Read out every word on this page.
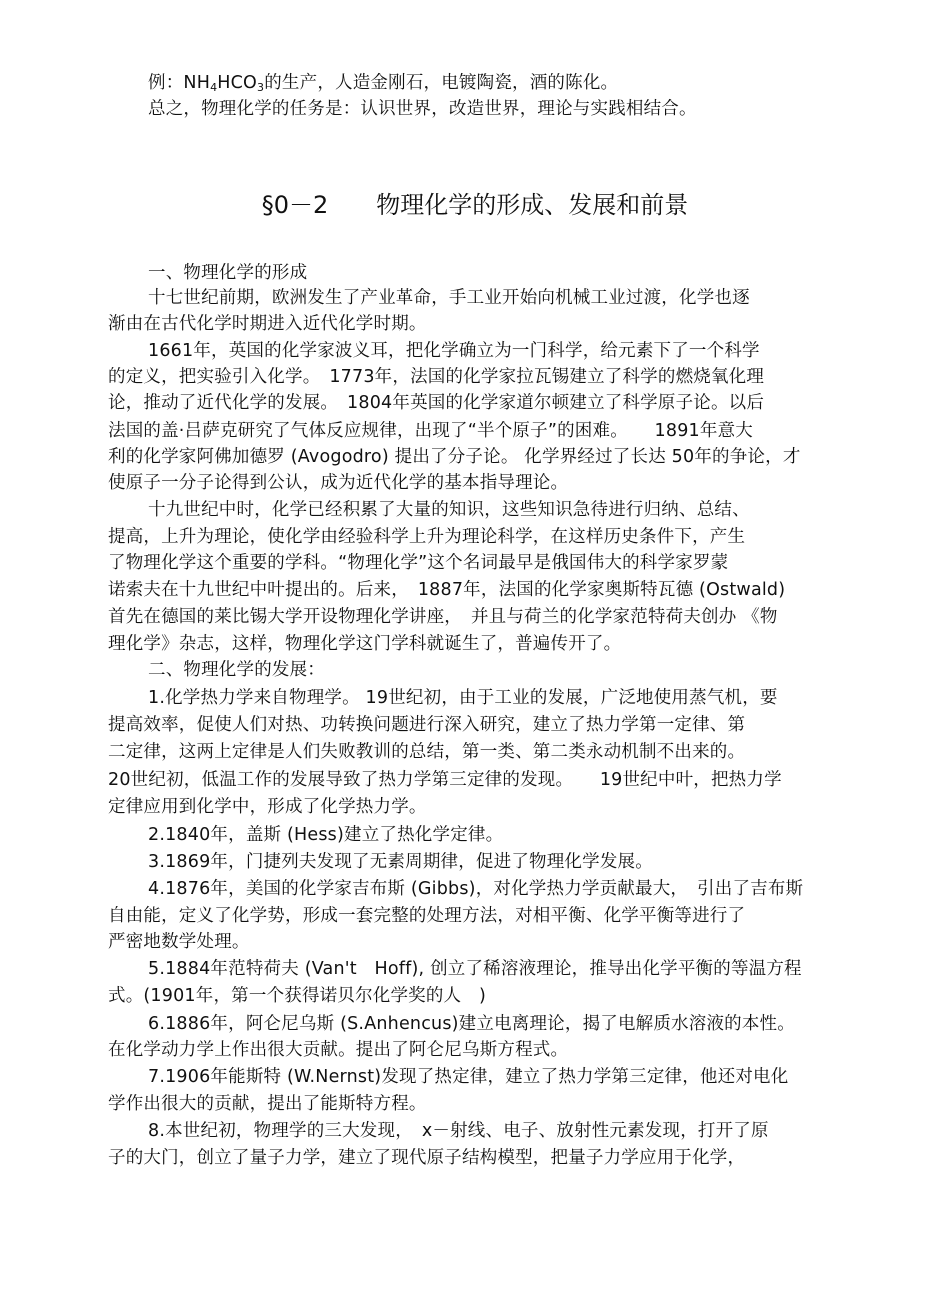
例：$NH_4HCO_3$的生产，人造金刚石，电镀陶瓷，酒的陈化。
总之，物理化学的任务是：认识世界，改造世界，理论与实践相结合。
§0－2　　物理化学的形成、发展和前景
一、物理化学的形成
十七世纪前期，欧洲发生了产业革命，手工业开始向机械工业过渡，化学也逐
渐由在古代化学时期进入近代化学时期。
1661年，英国的化学家波义耳，把化学确立为一门科学，给元素下了一个科学
的定义，把实验引入化学。　1773年，法国的化学家拉瓦锡建立了科学的燃烧氧化理
论，推动了近代化学的发展。　1804年英国的化学家道尔顿建立了科学原子论。以后
法国的盖·吕萨克研究了气体反应规律，出现了“半个原子”的困难。　　1891年意大
利的化学家阿佛加德罗 (Avogodro) 提出了分子论。 化学界经过了长达 50年的争论，才
使原子一分子论得到公认，成为近代化学的基本指导理论。
十九世纪中时，化学已经积累了大量的知识，这些知识急待进行归纳、总结、
提高，上升为理论，使化学由经验科学上升为理论科学，在这样历史条件下，产生
了物理化学这个重要的学科。“物理化学”这个名词最早是俄国伟大的科学家罗蒙
诺索夫在十九世纪中叶提出的。后来，　1887年，法国的化学家奥斯特瓦德 (Ostwald)
首先在德国的莱比锡大学开设物理化学讲座，　并且与荷兰的化学家范特荷夫创办 《物
理化学》杂志，这样，物理化学这门学科就诞生了，普遍传开了。
二、物理化学的发展：
1.化学热力学来自物理学。 19世纪初，由于工业的发展，广泛地使用蒸气机，要
提高效率，促使人们对热、功转换问题进行深入研究，建立了热力学第一定律、第
二定律，这两上定律是人们失败教训的总结，第一类、第二类永动机制不出来的。
20世纪初，低温工作的发展导致了热力学第三定律的发现。　　19世纪中叶，把热力学
定律应用到化学中，形成了化学热力学。
2.1840年，盖斯 (Hess)建立了热化学定律。
3.1869年，门捷列夫发现了无素周期律，促进了物理化学发展。
4.1876年，美国的化学家吉布斯 (Gibbs)，对化学热力学贡献最大，　引出了吉布斯
自由能，定义了化学势，形成一套完整的处理方法，对相平衡、化学平衡等进行了
严密地数学处理。
5.1884年范特荷夫 (Van't　Hoff), 创立了稀溶液理论，推导出化学平衡的等温方程
式。(1901年，第一个获得诺贝尔化学奖的人　)
6.1886年，阿仑尼乌斯 (S.Anhencus)建立电离理论，揭了电解质水溶液的本性。
在化学动力学上作出很大贡献。提出了阿仑尼乌斯方程式。
7.1906年能斯特 (W.Nernst)发现了热定律，建立了热力学第三定律，他还对电化
学作出很大的贡献，提出了能斯特方程。
8.本世纪初，物理学的三大发现，　x－射线、电子、放射性元素发现，打开了原
子的大门，创立了量子力学，建立了现代原子结构模型，把量子力学应用于化学，
